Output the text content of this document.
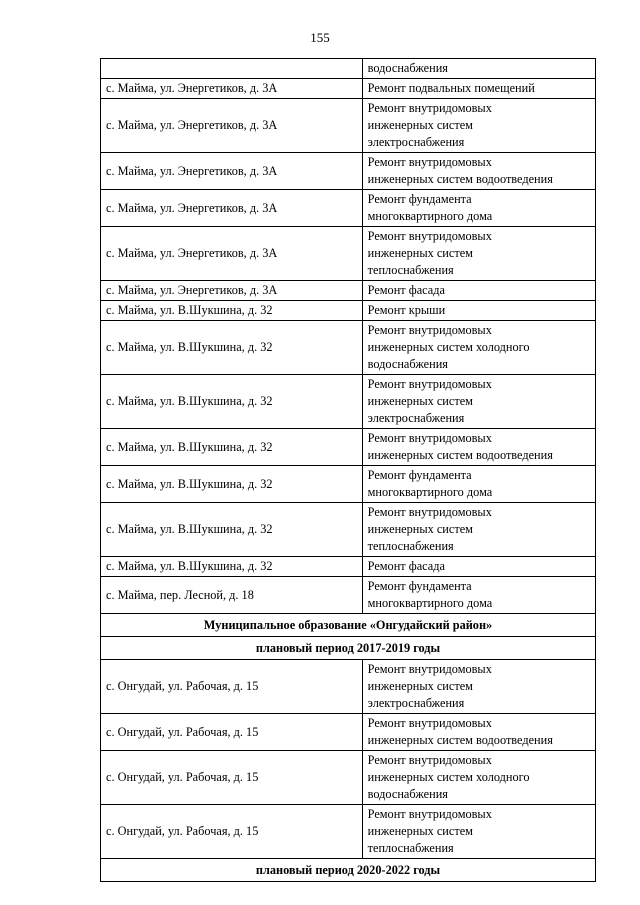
155

	водоснабжения

с. Майма, ул. Энергетиков, д. 3А	Ремонт подвальных помещений

с. Майма, ул. Энергетиков, д. 3А	Ремонт внутридомовых
инженерных систем
электроснабжения

с. Майма, ул. Энергетиков, д. 3А	Ремонт внутридомовых
инженерных систем водоотведения

с. Майма, ул. Энергетиков, д. 3А	Ремонт фундамента
многоквартирного дома

с. Майма, ул. Энергетиков, д. 3А	Ремонт внутридомовых
инженерных систем
теплоснабжения

с. Майма, ул. Энергетиков, д. 3А	Ремонт фасада

с. Майма, ул. В.Шукшина, д. 32	Ремонт крыши

с. Майма, ул. В.Шукшина, д. 32	Ремонт внутридомовых
инженерных систем холодного
водоснабжения

с. Майма, ул. В.Шукшина, д. 32	Ремонт внутридомовых
инженерных систем
электроснабжения

с. Майма, ул. В.Шукшина, д. 32	Ремонт внутридомовых
инженерных систем водоотведения

с. Майма, ул. В.Шукшина, д. 32	Ремонт фундамента
многоквартирного дома

с. Майма, ул. В.Шукшина, д. 32	Ремонт внутридомовых
инженерных систем
теплоснабжения

с. Майма, ул. В.Шукшина, д. 32	Ремонт фасада

с. Майма, пер. Лесной, д. 18	Ремонт фундамента
многоквартирного дома

Муниципальное образование «Онгудайский район»	
плановый период 2017-2019 годы	
с. Онгудай, ул. Рабочая, д. 15	Ремонт внутридомовых
инженерных систем
электроснабжения

с. Онгудай, ул. Рабочая, д. 15	Ремонт внутридомовых
инженерных систем водоотведения

с. Онгудай, ул. Рабочая, д. 15	Ремонт внутридомовых
инженерных систем холодного
водоснабжения

с. Онгудай, ул. Рабочая, д. 15	Ремонт внутридомовых
инженерных систем
теплоснабжения

плановый период 2020-2022 годы	
